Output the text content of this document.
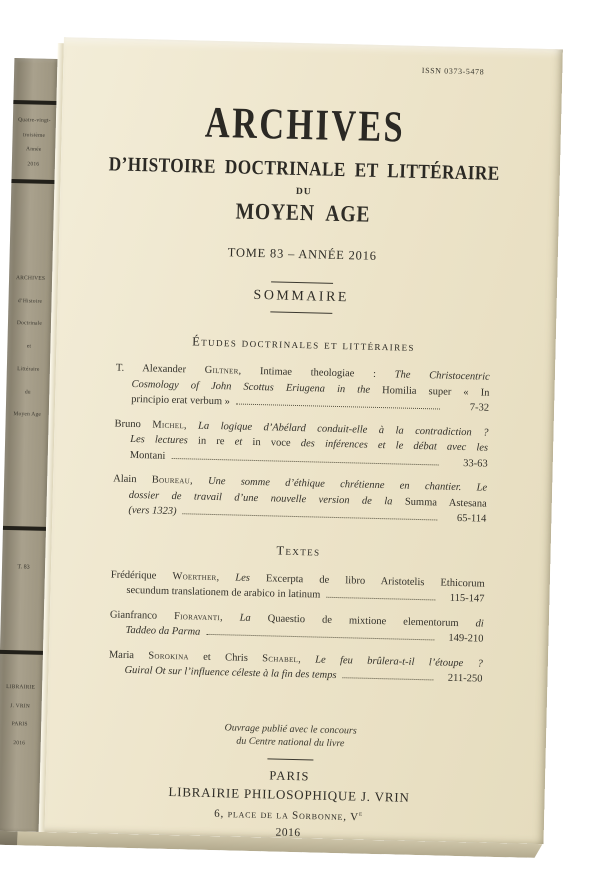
Quatre-vingt-
troisième
Année
2016
ARCHIVES
d’Histoire
Doctrinale
et
Littéraire
du
Moyen Age
T. 83
LIBRAIRIE
J. VRIN
PARIS
2016
ISSN 0373-5478
ARCHIVES
D’HISTOIRE DOCTRINALE ET LITTÉRAIRE
DU
MOYEN AGE
TOME 83 – ANNÉE 2016
SOMMAIRE
Études doctrinales et littéraires
T. Alexander Giltner, Intimae theologiae : The Christocentric
Cosmology of John Scottus Eriugena in the Homilia super « In
principio erat verbum »
7-32
Bruno Michel, La logique d’Abélard conduit-elle à la contradiction ?
Les lectures in re et in voce des inférences et le débat avec les
Montani
33-63
Alain Boureau, Une somme d’éthique chrétienne en chantier. Le
dossier de travail d’une nouvelle version de la Summa Astesana
(vers 1323)
65-114
Textes
Frédérique Woerther, Les Excerpta de libro Aristotelis Ethicorum
secundum translationem de arabico in latinum	115-147
Gianfranco Fioravanti, La Quaestio de mixtione elementorum di
Taddeo da Parma
149-210
Maria Sorokina et Chris Schabel, Le feu brûlera-t-il l’étoupe ?
Guiral Ot sur l’influence céleste à la fin des temps	211-250
Ouvrage publié avec le concours
du Centre national du livre
PARIS
LIBRAIRIE PHILOSOPHIQUE J. VRIN
6, place de la Sorbonne, Ve
2016
